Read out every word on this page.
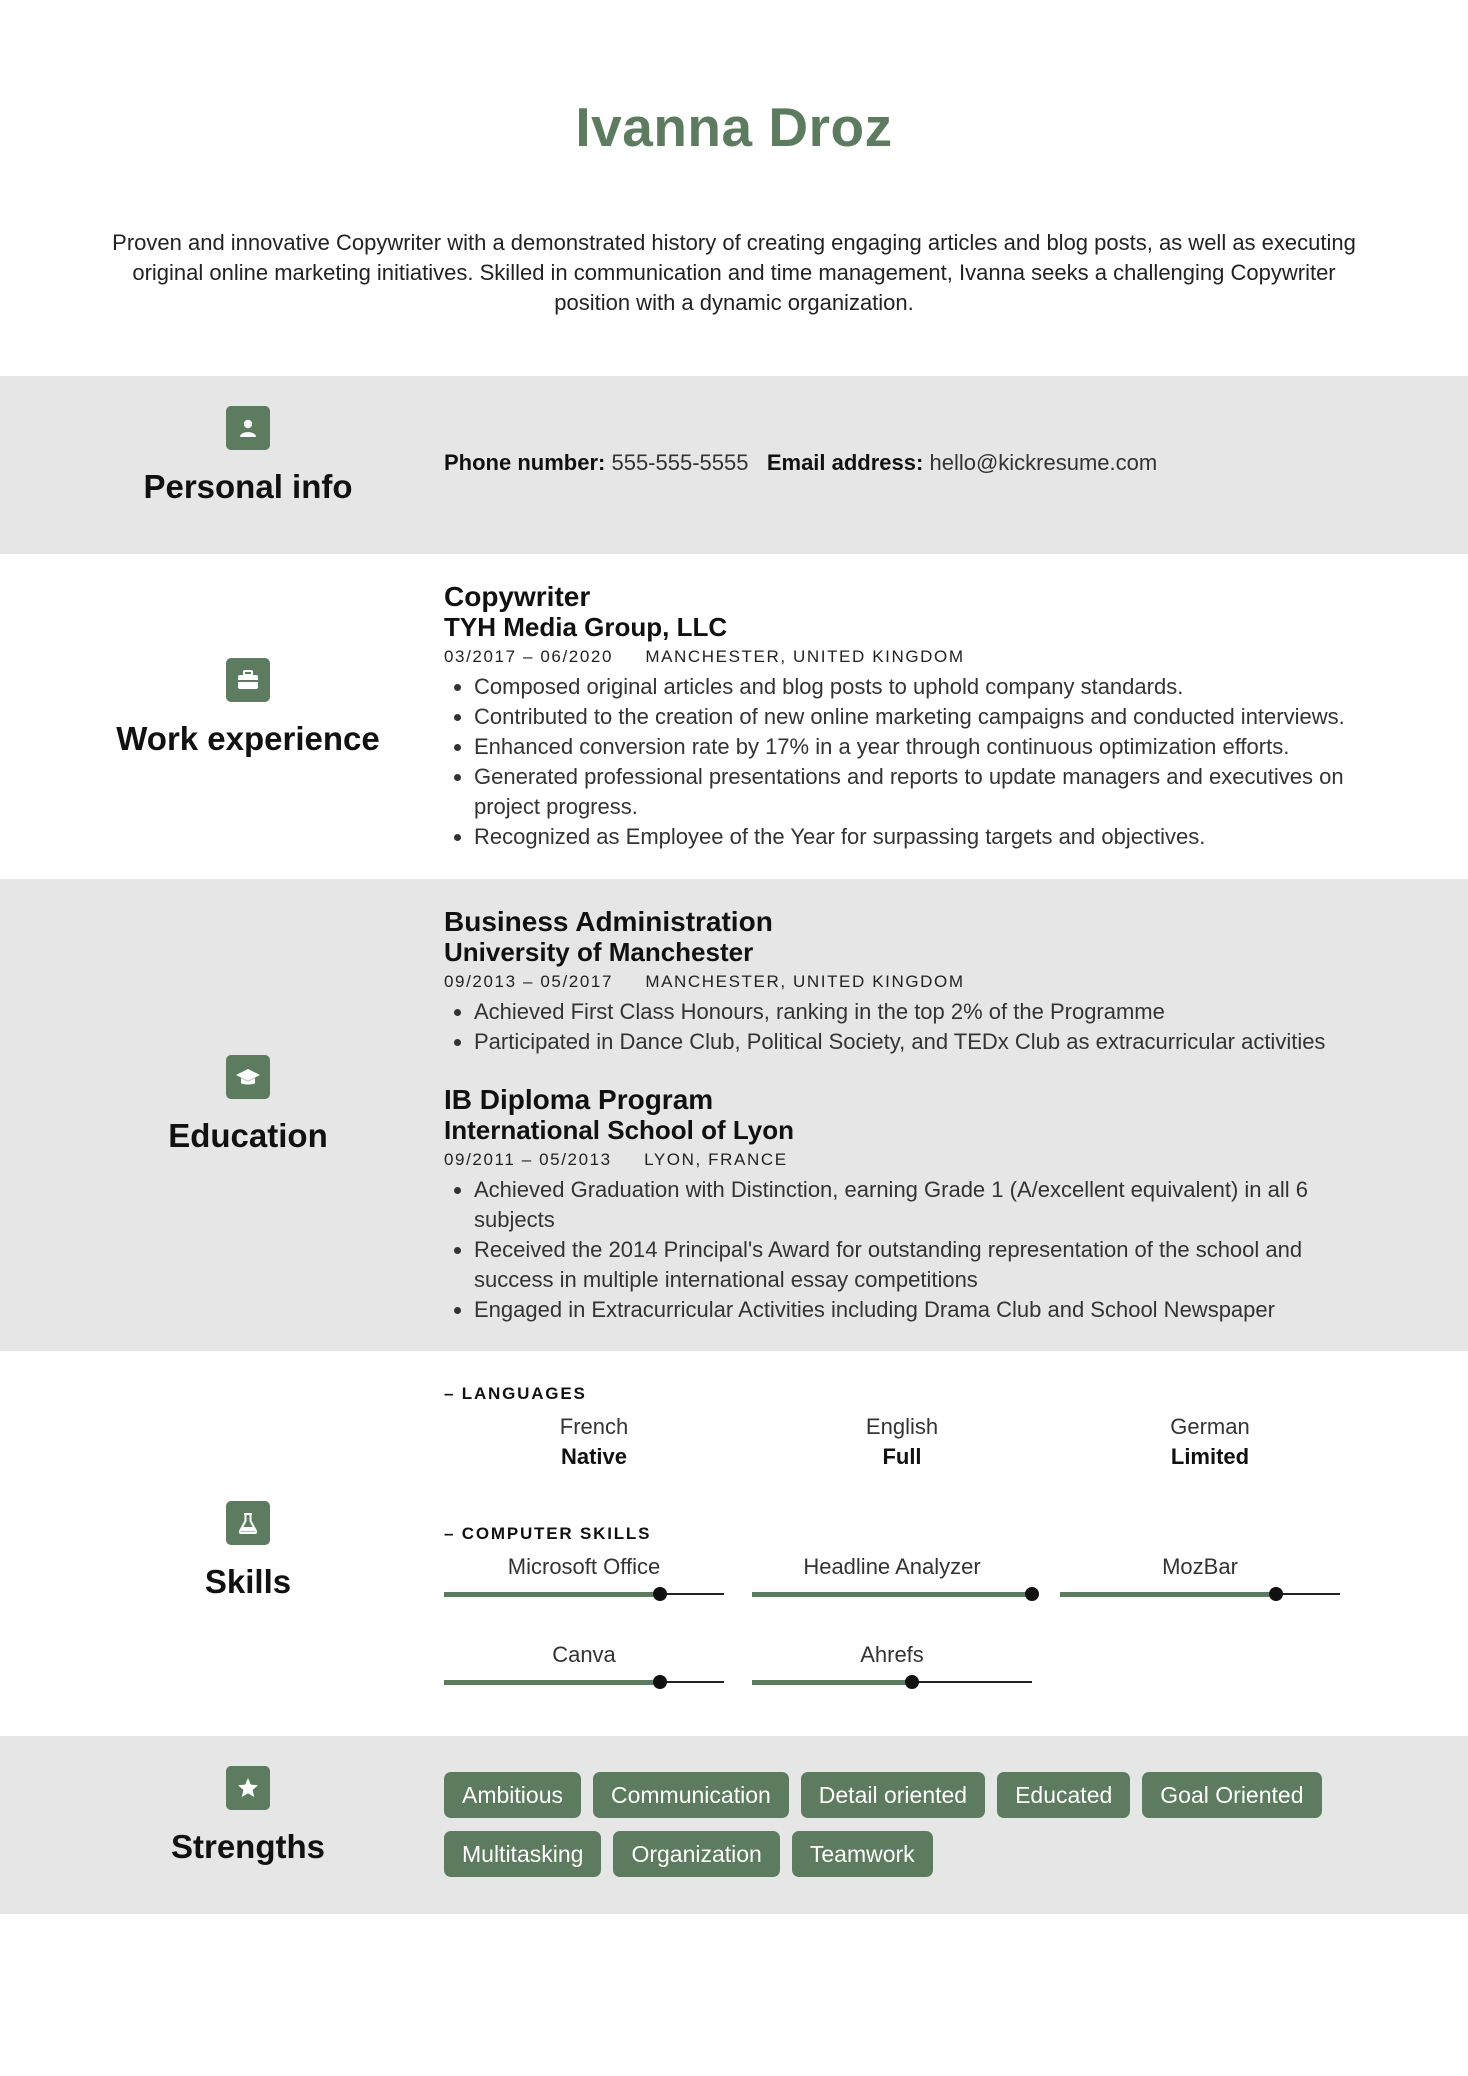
Ivanna Droz
Proven and innovative Copywriter with a demonstrated history of creating engaging articles and blog posts, as well as executing original online marketing initiatives. Skilled in communication and time management, Ivanna seeks a challenging Copywriter position with a dynamic organization.
Personal info
Phone number: 555-555-5555 Email address: hello@kickresume.com
Work experience
Copywriter
TYH Media Group, LLC
03/2017 – 06/2020 MANCHESTER, UNITED KINGDOM
• Composed original articles and blog posts to uphold company standards.
• Contributed to the creation of new online marketing campaigns and conducted interviews.
• Enhanced conversion rate by 17% in a year through continuous optimization efforts.
• Generated professional presentations and reports to update managers and executives on project progress.
• Recognized as Employee of the Year for surpassing targets and objectives.
Education
Business Administration
University of Manchester
09/2013 – 05/2017 MANCHESTER, UNITED KINGDOM
• Achieved First Class Honours, ranking in the top 2% of the Programme
• Participated in Dance Club, Political Society, and TEDx Club as extracurricular activities
IB Diploma Program
International School of Lyon
09/2011 – 05/2013 LYON, FRANCE
• Achieved Graduation with Distinction, earning Grade 1 (A/excellent equivalent) in all 6 subjects
• Received the 2014 Principal's Award for outstanding representation of the school and success in multiple international essay competitions
• Engaged in Extracurricular Activities including Drama Club and School Newspaper
Skills
– LANGUAGES
French
Native
English
Full
German
Limited
– COMPUTER SKILLS
Microsoft Office	Headline Analyzer	MozBar
Canva	Ahrefs
Strengths
Ambitious	Communication	Detail oriented	Educated	Goal Oriented
Multitasking	Organization	Teamwork
